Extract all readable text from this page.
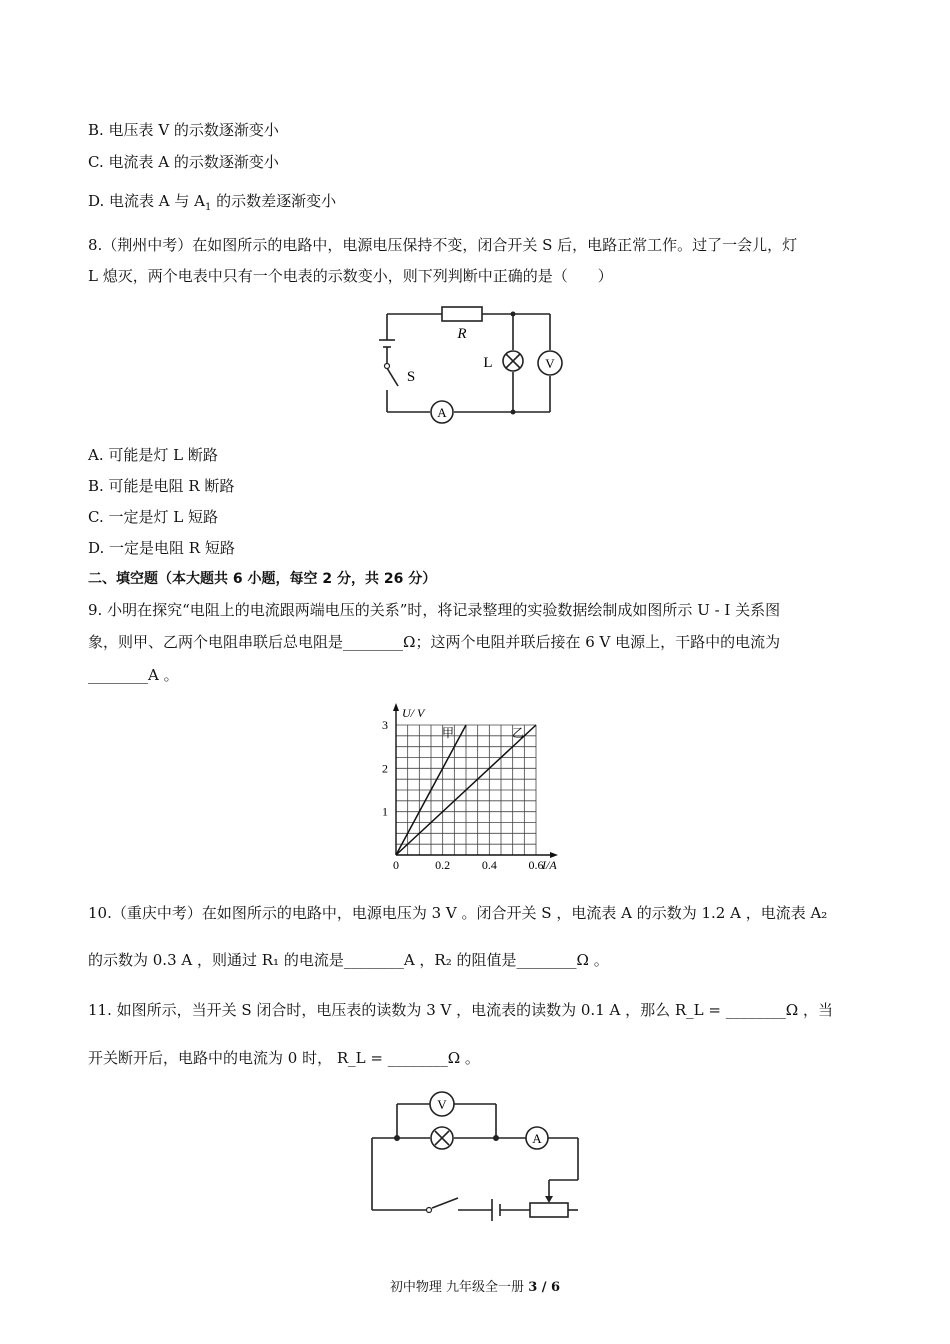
B. 电压表 V 的示数逐渐变小
C. 电流表 A 的示数逐渐变小
D. 电流表 A 与 $A_1$ 的示数差逐渐变小
8.（荆州中考）在如图所示的电路中，电源电压保持不变，闭合开关 S 后，电路正常工作。过了一会儿，灯
L 熄灭，两个电表中只有一个电表的示数变小，则下列判断中正确的是（　　）
R
L	V
S
A
A. 可能是灯 L 断路
B. 可能是电阻 R 断路
C. 一定是灯 L 短路
D. 一定是电阻 R 短路
二、填空题（本大题共 6 小题，每空 2 分，共 26 分）
9. 小明在探究“电阻上的电流跟两端电压的关系”时，将记录整理的实验数据绘制成如图所示 U - I 关系图
象，则甲、乙两个电阻串联后总电阻是________Ω；这两个电阻并联后接在 6 V 电源上，干路中的电流为
________A 。
甲	乙
0	0.2	0.4	0.6
1
2
3
U/ V
I/A
10.（重庆中考）在如图所示的电路中，电源电压为 3 V 。闭合开关 S ，电流表 A 的示数为 1.2 A ，电流表 A₂
的示数为 0.3 A ，则通过 R₁ 的电流是________A ，R₂ 的阻值是________Ω 。
11. 如图所示，当开关 S 闭合时，电压表的读数为 3 V ，电流表的读数为 0.1 A ，那么 R_L = ________Ω ，当
开关断开后，电路中的电流为 0 时， R_L = ________Ω 。
V
A
初中物理 九年级全一册 3 / 6
